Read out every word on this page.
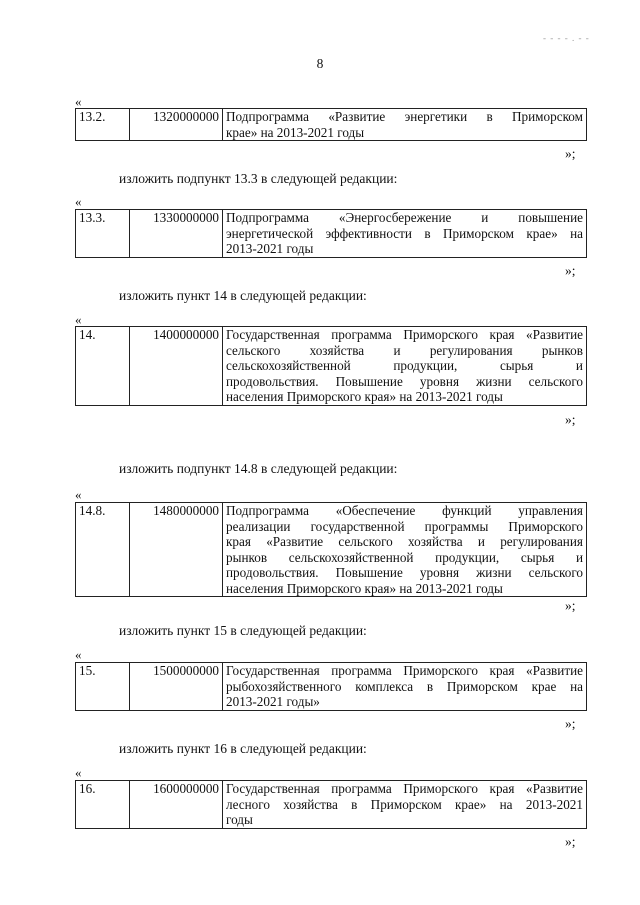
- - - - . - -
8
«
13.2.	1320000000	Подпрограмма «Развитие энергетики в Приморском
крае» на 2013-2021 годы
»;
изложить подпункт 13.3 в следующей редакции:
«
13.3.	1330000000	Подпрограмма «Энергосбережение и повышение
энергетической эффективности в Приморском крае» на
2013-2021 годы
»;
изложить пункт 14 в следующей редакции:
«
14.	1400000000	Государственная программа Приморского края «Развитие
сельского хозяйства и регулирования рынков
сельскохозяйственной продукции, сырья и
продовольствия. Повышение уровня жизни сельского
населения Приморского края» на 2013-2021 годы
»;
изложить подпункт 14.8 в следующей редакции:
«
14.8.	1480000000	Подпрограмма «Обеспечение функций управления
реализации государственной программы Приморского
края «Развитие сельского хозяйства и регулирования
рынков сельскохозяйственной продукции, сырья и
продовольствия. Повышение уровня жизни сельского
населения Приморского края» на 2013-2021 годы
»;
изложить пункт 15 в следующей редакции:
«
15.	1500000000	Государственная программа Приморского края «Развитие
рыбохозяйственного комплекса в Приморском крае на
2013-2021 годы»
»;
изложить пункт 16 в следующей редакции:
«
16.	1600000000	Государственная программа Приморского края «Развитие
лесного хозяйства в Приморском крае» на 2013-2021
годы
»;
